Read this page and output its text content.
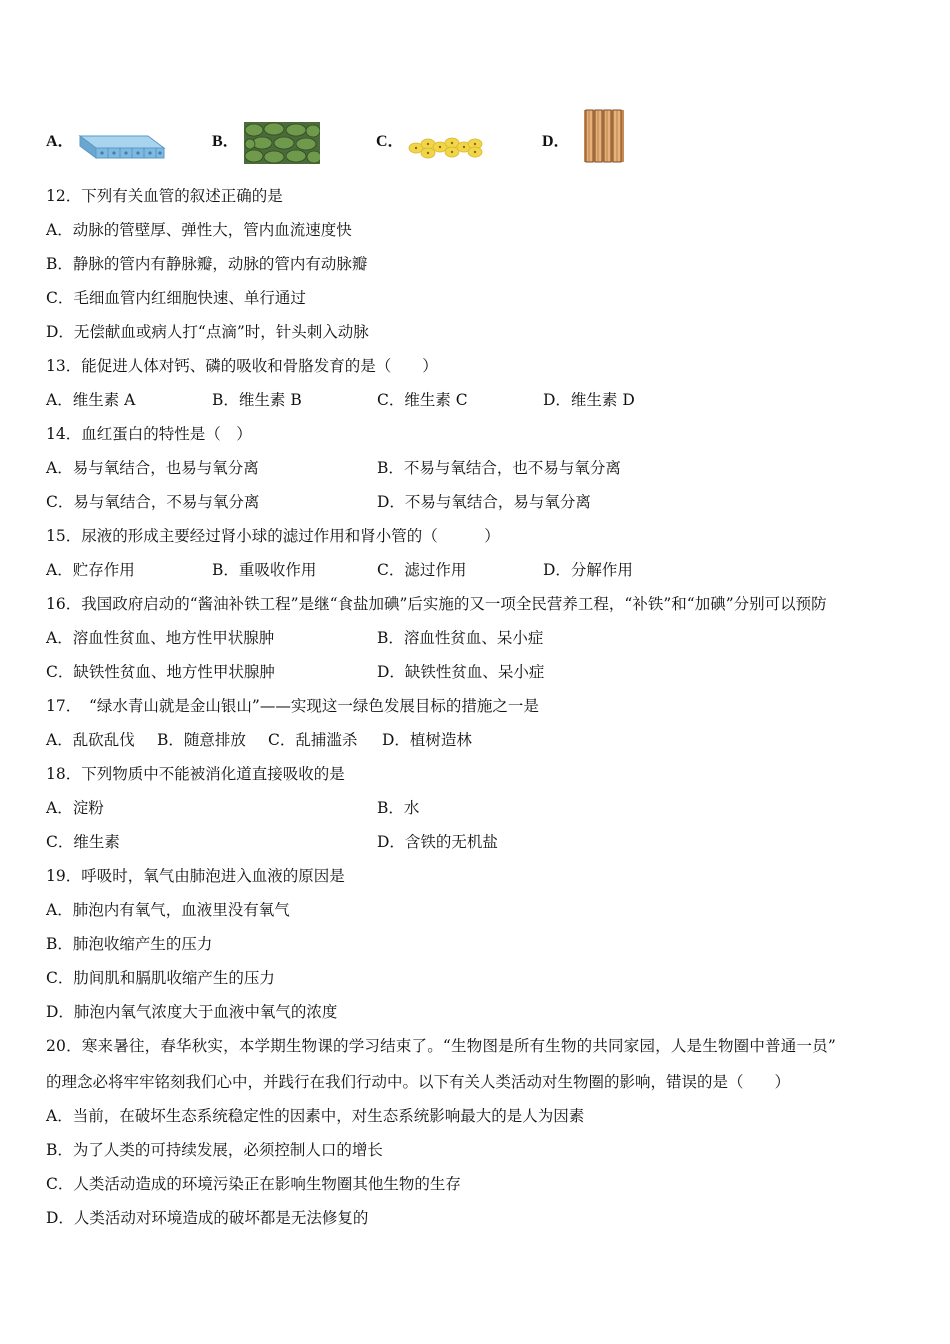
A．	B．	C．	D．
12．下列有关血管的叙述正确的是
A．动脉的管壁厚、弹性大，管内血流速度快
B．静脉的管内有静脉瓣，动脉的管内有动脉瓣
C．毛细血管内红细胞快速、单行通过
D．无偿献血或病人打“点滴”时，针头刺入动脉
13．能促进人体对钙、磷的吸收和骨胳发育的是（　　）
A．维生素 A	B．维生素 B	C．维生素 C	D．维生素 D
14．血红蛋白的特性是（　）
A．易与氧结合，也易与氧分离	B．不易与氧结合，也不易与氧分离
C．易与氧结合，不易与氧分离	D．不易与氧结合，易与氧分离
15．尿液的形成主要经过肾小球的滤过作用和肾小管的（　　　）
A．贮存作用	B．重吸收作用	C．滤过作用	D．分解作用
16．我国政府启动的“酱油补铁工程”是继“食盐加碘”后实施的又一项全民营养工程，“补铁”和“加碘”分别可以预防
A．溶血性贫血、地方性甲状腺肿	B．溶血性贫血、呆小症
C．缺铁性贫血、地方性甲状腺肿	D．缺铁性贫血、呆小症
17．　“绿水青山就是金山银山”——实现这一绿色发展目标的措施之一是
A．乱砍乱伐 B．随意排放 C．乱捕滥杀 D．植树造林
18．下列物质中不能被消化道直接吸收的是
A．淀粉	B．水
C．维生素	D．含铁的无机盐
19．呼吸时，氧气由肺泡进入血液的原因是
A．肺泡内有氧气，血液里没有氧气
B．肺泡收缩产生的压力
C．肋间肌和膈肌收缩产生的压力
D．肺泡内氧气浓度大于血液中氧气的浓度
20．寒来暑往，春华秋实，本学期生物课的学习结束了。“生物图是所有生物的共同家园，人是生物圈中普通一员”
的理念必将牢牢铭刻我们心中，并践行在我们行动中。以下有关人类活动对生物圈的影响，错误的是（　　）
A．当前，在破坏生态系统稳定性的因素中，对生态系统影响最大的是人为因素
B．为了人类的可持续发展，必须控制人口的增长
C．人类活动造成的环境污染正在影响生物圈其他生物的生存
D．人类活动对环境造成的破坏都是无法修复的
